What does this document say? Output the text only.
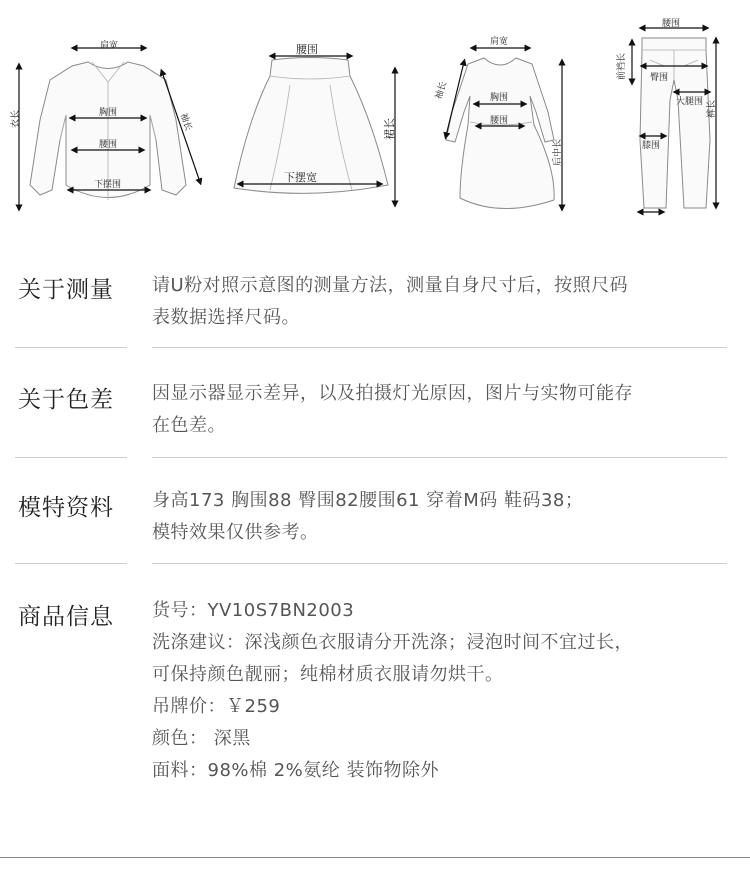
肩宽
胸围
腰围
下摆围
袖长
衣长
腰围
下摆宽
裙长
肩宽
袖长	胸围
腰围
后中长
腰围
前裆长	臀围
大腿围
膝围
裤长
关于测量 请U粉对照示意图的测量方法，测量自身尺寸后，按照尺码

表数据选择尺码。

关于色差 因显示器显示差异，以及拍摄灯光原因，图片与实物可能存

在色差。

模特资料 身高173 胸围88 臀围82腰围61 穿着M码 鞋码38；

模特效果仅供参考。

商品信息 货号：YV10S7BN2003

洗涤建议：深浅颜色衣服请分开洗涤；浸泡时间不宜过长，

可保持颜色靓丽；纯棉材质衣服请勿烘干。

吊牌价：￥259

颜色： 深黑

面料：98%棉 2%氨纶 装饰物除外
